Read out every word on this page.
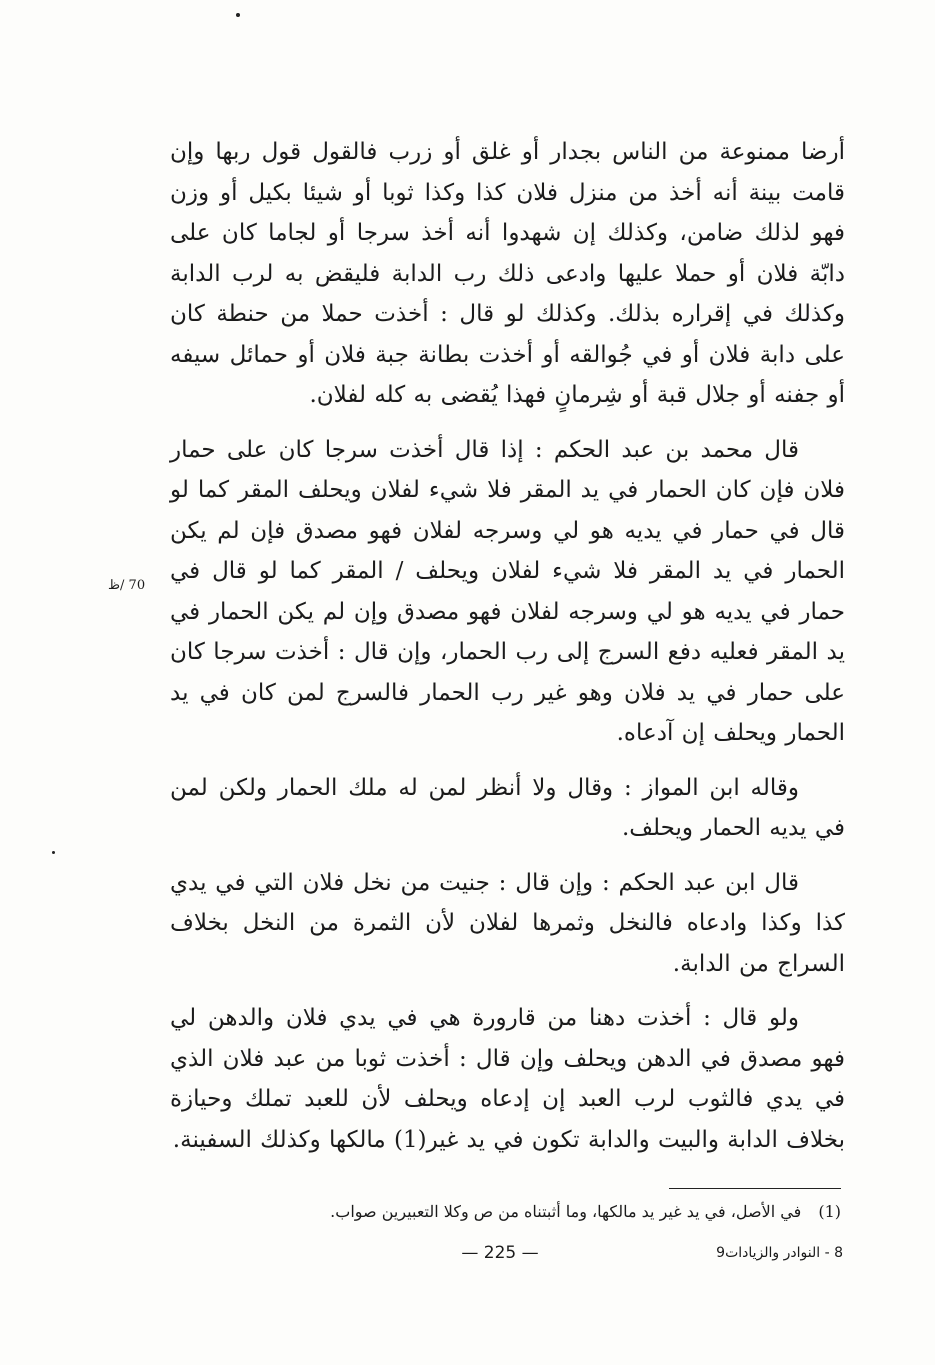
أرضا ممنوعة من الناس بجدار أو غلق أو زرب فالقول قول ربها وإن قامت بينة أنه أخذ من منزل فلان كذا وكذا ثوبا أو شيئا بكيل أو وزن فهو لذلك ضامن، وكذلك إن شهدوا أنه أخذ سرجا أو لجاما كان على دابّة فلان أو حملا عليها وادعى ذلك رب الدابة فليقض به لرب الدابة وكذلك في إقراره بذلك. وكذلك لو قال : أخذت حملا من حنطة كان على دابة فلان أو في جُوالقه أو أخذت بطانة جبة فلان أو حمائل سيفه أو جفنه أو جلال قبة أو شِرمانٍ فهذا يُقضى به كله لفلان.

قال محمد بن عبد الحكم : إذا قال أخذت سرجا كان على حمار فلان فإن كان الحمار في يد المقر فلا شيء لفلان ويحلف المقر كما لو قال في حمار في يديه هو لي وسرجه لفلان فهو مصدق فإن لم يكن الحمار في يد المقر فلا شيء لفلان ويحلف / المقر كما لو قال في حمار في يديه هو لي وسرجه لفلان فهو مصدق وإن لم يكن الحمار في يد المقر فعليه دفع السرج إلى رب الحمار، وإن قال : أخذت سرجا كان على حمار في يد فلان وهو غير رب الحمار فالسرج لمن كان في يد الحمار ويحلف إن آدعاه.

وقاله ابن المواز : وقال ولا أنظر لمن له ملك الحمار ولكن لمن في يديه الحمار ويحلف.

قال ابن عبد الحكم : وإن قال : جنيت من نخل فلان التي في يدي كذا وكذا وادعاه فالنخل وثمرها لفلان لأن الثمرة من النخل بخلاف السراج من الدابة.

ولو قال : أخذت دهنا من قارورة هي في يدي فلان والدهن لي فهو مصدق في الدهن ويحلف وإن قال : أخذت ثوبا من عبد فلان الذي في يدي فالثوب لرب العبد إن إدعاه ويحلف لأن للعبد تملك وحيازة بخلاف الدابة والبيت والدابة تكون في يد غير(1) مالكها وكذلك السفينة.

70 /ظ
(1) في الأصل، في يد غير يد مالكها، وما أثبتناه من ص وكلا التعبيرين صواب.
— 225 —	8 - النوادر والزيادات9
